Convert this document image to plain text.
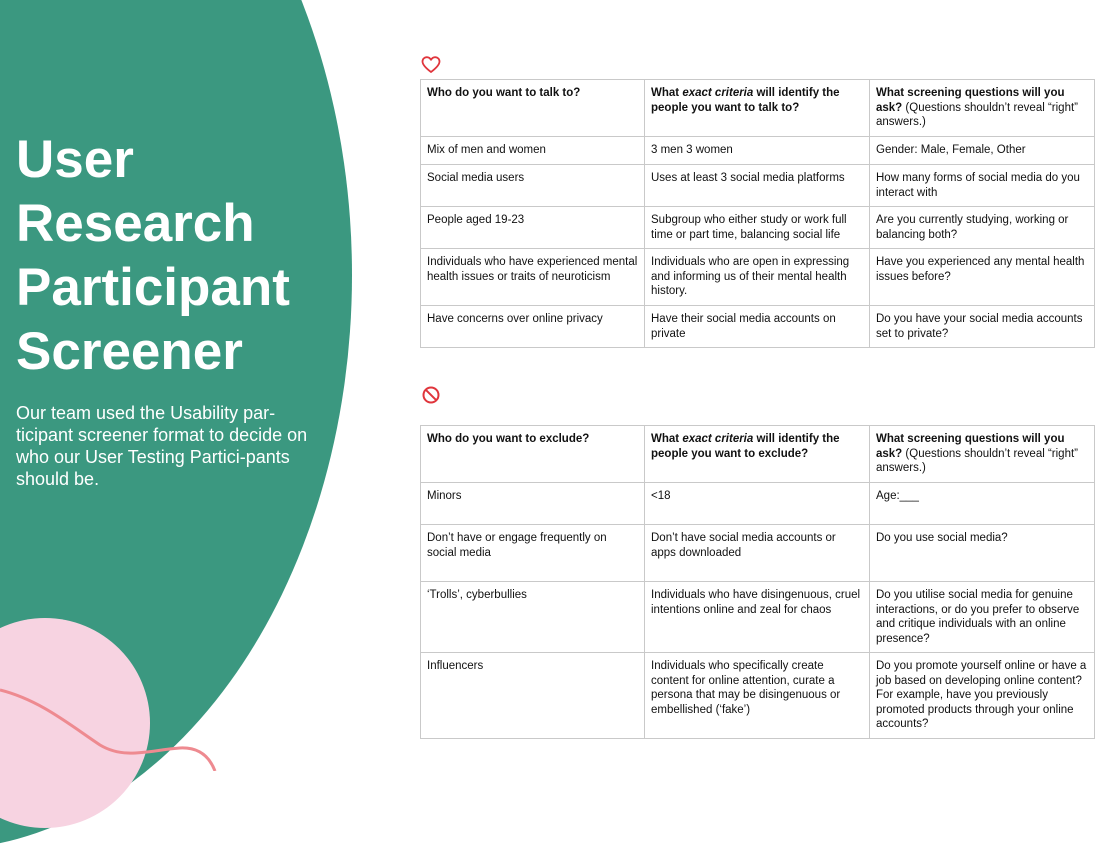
User
Research
Participant
Screener

Our team used the Usability par-ticipant screener format to decide on who our User Testing Partici-pants should be.

Who do you want to talk to?	What exact criteria will identify the people you want to talk to?	What screening questions will you ask? (Questions shouldn’t reveal “right” answers.)
Mix of men and women	3 men 3 women	Gender: Male, Female, Other
Social media users	Uses at least 3 social media platforms	How many forms of social media do you interact with
People aged 19-23	Subgroup who either study or work full time or part time, balancing social life	Are you currently studying, working or balancing both?
Individuals who have experienced mental health issues or traits of neuroticism	Individuals who are open in expressing and informing us of their mental health history.	Have you experienced any mental health issues before?
Have concerns over online privacy	Have their social media accounts on private	Do you have your social media accounts set to private?
Who do you want to exclude?	What exact criteria will identify the people you want to exclude?	What screening questions will you ask? (Questions shouldn’t reveal “right” answers.)
Minors	<18	Age:___
Don’t have or engage frequently on social media	Don’t have social media accounts or apps downloaded	Do you use social media?
‘Trolls’, cyberbullies	Individuals who have disingenuous, cruel intentions online and zeal for chaos	Do you utilise social media for genuine interactions, or do you prefer to observe and critique individuals with an online presence?
Influencers	Individuals who specifically create content for online attention, curate a persona that may be disingenuous or embellished (‘fake’)	Do you promote yourself online or have a job based on developing online content? For example, have you previously promoted products through your online accounts?
